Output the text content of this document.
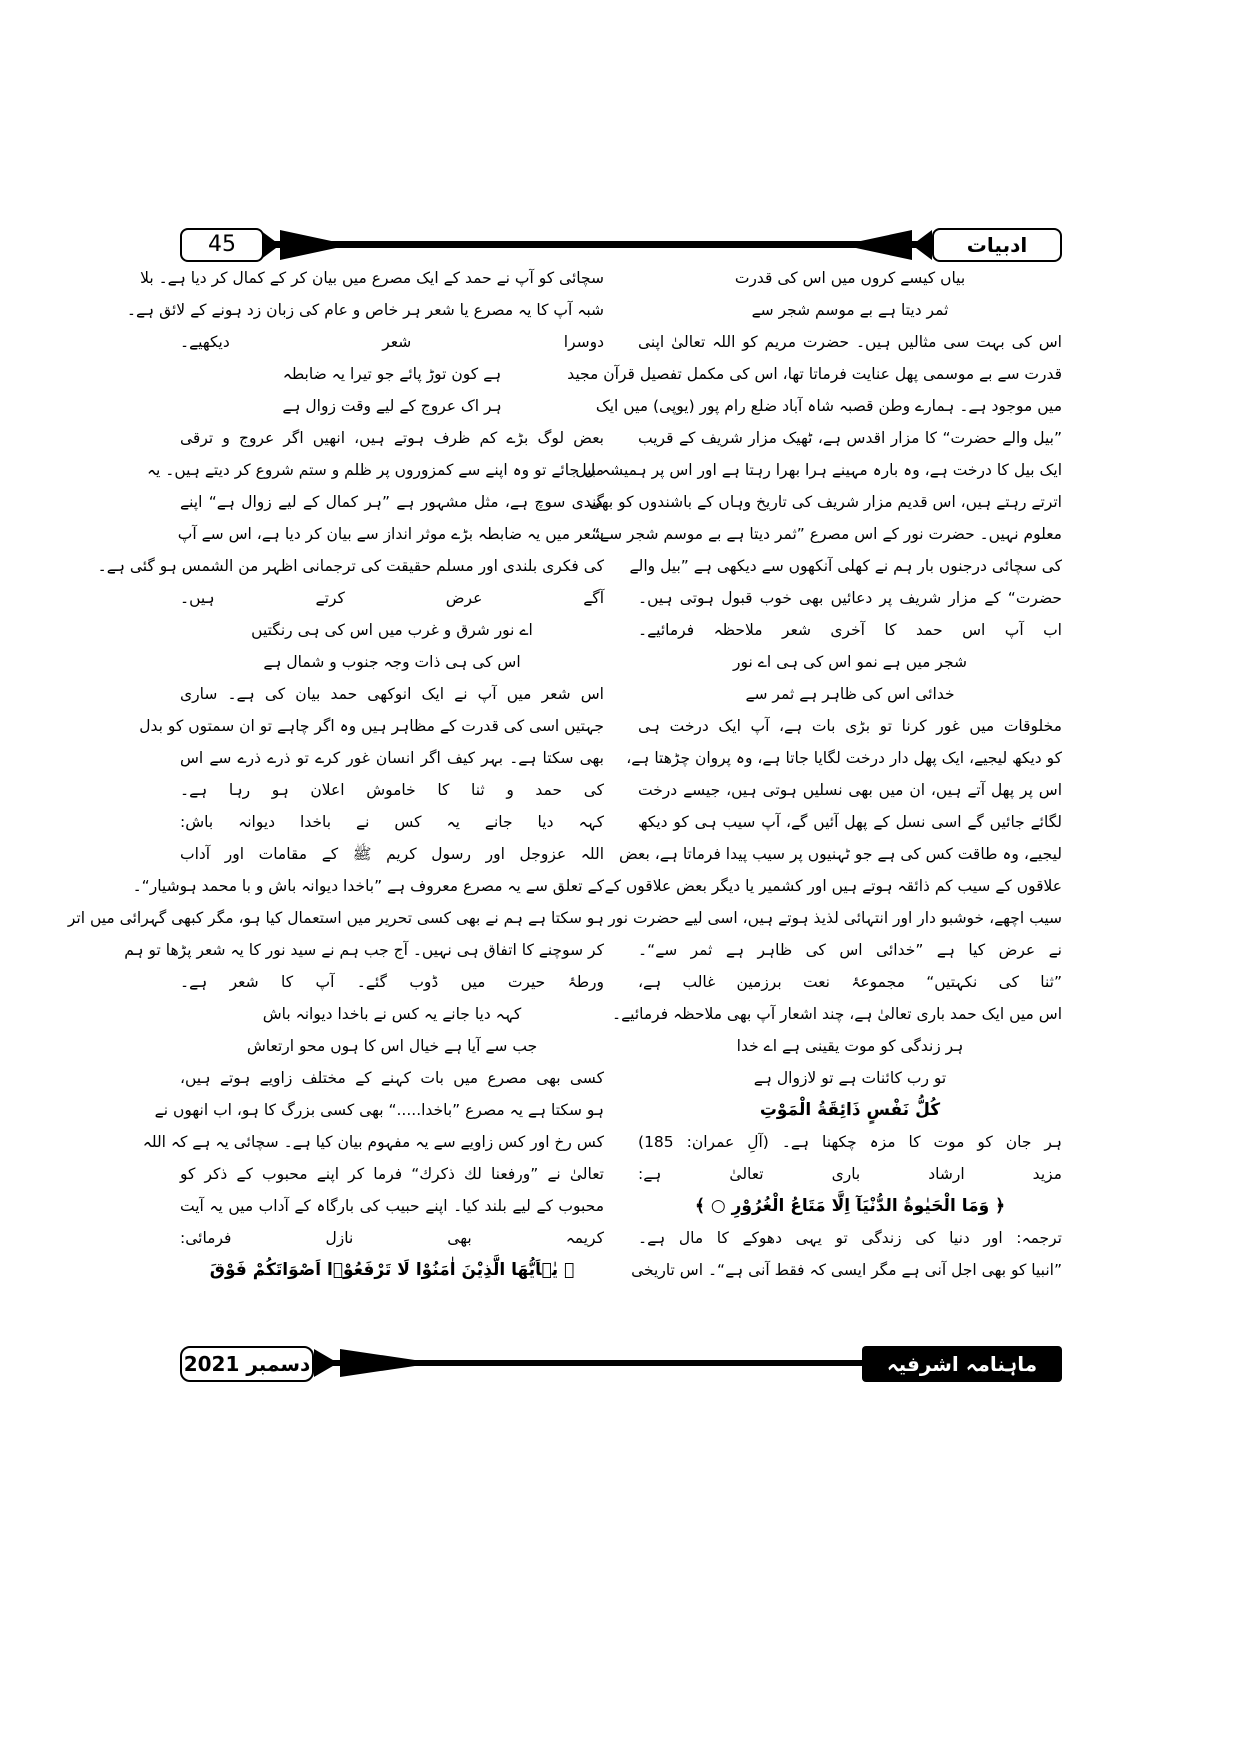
45	ادبیات
بیاں کیسے کروں میں اس کی قدرت
ثمر دیتا ہے بے موسم شجر سے
اس کی بہت سی مثالیں ہیں۔ حضرت مریم کو اللہ تعالیٰ اپنی
قدرت سے بے موسمی پھل عنایت فرماتا تھا، اس کی مکمل تفصیل قرآن مجید
میں موجود ہے۔ ہمارے وطن قصبہ شاہ آباد ضلع رام پور (یوپی) میں ایک
”بیل والے حضرت“ کا مزار اقدس ہے، ٹھیک مزار شریف کے قریب
ایک بیل کا درخت ہے، وہ بارہ مہینے ہرا بھرا رہتا ہے اور اس پر ہمیشہ بیل
اترتے رہتے ہیں، اس قدیم مزار شریف کی تاریخ وہاں کے باشندوں کو بھی
معلوم نہیں۔ حضرت نور کے اس مصرع ”ثمر دیتا ہے بے موسم شجر سے“
کی سچائی درجنوں بار ہم نے کھلی آنکھوں سے دیکھی ہے ”بیل والے
حضرت“ کے مزار شریف پر دعائیں بھی خوب قبول ہوتی ہیں۔
اب آپ اس حمد کا آخری شعر ملاحظہ فرمائیے۔
شجر میں ہے نمو اس کی ہی اے نور
خدائی اس کی ظاہر ہے ثمر سے
مخلوقات میں غور کرنا تو بڑی بات ہے، آپ ایک درخت ہی
کو دیکھ لیجیے، ایک پھل دار درخت لگایا جاتا ہے، وہ پروان چڑھتا ہے،
اس پر پھل آتے ہیں، ان میں بھی نسلیں ہوتی ہیں، جیسے درخت
لگائے جائیں گے اسی نسل کے پھل آئیں گے، آپ سیب ہی کو دیکھ
لیجیے، وہ طاقت کس کی ہے جو ٹہنیوں پر سیب پیدا فرماتا ہے، بعض
علاقوں کے سیب کم ذائقہ ہوتے ہیں اور کشمیر یا دیگر بعض علاقوں کے
سیب اچھے، خوشبو دار اور انتہائی لذیذ ہوتے ہیں، اسی لیے حضرت نور
نے عرض کیا ہے ”خدائی اس کی ظاہر ہے ثمر سے“۔
”ثنا کی نکہتیں“ مجموعۂ نعت برزمین غالب ہے،
اس میں ایک حمد باری تعالیٰ ہے، چند اشعار آپ بھی ملاحظہ فرمائیے۔
ہر زندگی کو موت یقینی ہے اے خدا
تو رب کائنات ہے تو لازوال ہے
كُلُّ نَفْسٍ ذَائِقَةُ الْمَوْتِ
ہر جان کو موت کا مزہ چکھنا ہے۔ (آلِ عمران: 185)
مزید ارشاد باری تعالیٰ ہے:
﴿ وَمَا الْحَيٰوةُ الدُّنْيَآ اِلَّا مَتَاعُ الْغُرُوْرِ ○ ﴾
ترجمہ: اور دنیا کی زندگی تو یہی دھوکے کا مال ہے۔
”انبیا کو بھی اجل آنی ہے مگر ایسی کہ فقط آنی ہے“۔ اس تاریخی
سچائی کو آپ نے حمد کے ایک مصرع میں بیان کر کے کمال کر دیا ہے۔ بلا
شبہ آپ کا یہ مصرع یا شعر ہر خاص و عام کی زبان زد ہونے کے لائق ہے۔
دوسرا شعر دیکھیے۔
ہے کون توڑ پائے جو تیرا یہ ضابطہ
ہر اک عروج کے لیے وقت زوال ہے
بعض لوگ بڑے کم ظرف ہوتے ہیں، انھیں اگر عروج و ترقی
مل جائے تو وہ اپنے سے کمزوروں پر ظلم و ستم شروع کر دیتے ہیں۔ یہ
گندی سوچ ہے، مثل مشہور ہے ”ہر کمال کے لیے زوال ہے“ اپنے
شعر میں یہ ضابطہ بڑے موثر انداز سے بیان کر دیا ہے، اس سے آپ
کی فکری بلندی اور مسلم حقیقت کی ترجمانی اظہر من الشمس ہو گئی ہے۔
آگے عرض کرتے ہیں۔
اے نور شرق و غرب میں اس کی ہی رنگتیں
اس کی ہی ذات وجہ جنوب و شمال ہے
اس شعر میں آپ نے ایک انوکھی حمد بیان کی ہے۔ ساری
جہتیں اسی کی قدرت کے مظاہر ہیں وہ اگر چاہے تو ان سمتوں کو بدل
بھی سکتا ہے۔ بہر کیف اگر انسان غور کرے تو ذرے ذرے سے اس
کی حمد و ثنا کا خاموش اعلان ہو رہا ہے۔
کہہ دیا جانے یہ کس نے باخدا دیوانہ باش:
اللہ عزوجل اور رسول کریم ﷺ کے مقامات اور آداب
کے تعلق سے یہ مصرع معروف ہے ”باخدا دیوانہ باش و با محمد ہوشیار“۔
ہو سکتا ہے ہم نے بھی کسی تحریر میں استعمال کیا ہو، مگر کبھی گہرائی میں اتر
کر سوچنے کا اتفاق ہی نہیں۔ آج جب ہم نے سید نور کا یہ شعر پڑھا تو ہم
ورطۂ حیرت میں ڈوب گئے۔ آپ کا شعر ہے۔
کہہ دیا جانے یہ کس نے باخدا دیوانہ باش
جب سے آیا ہے خیال اس کا ہوں محو ارتعاش
کسی بھی مصرع میں بات کہنے کے مختلف زاویے ہوتے ہیں،
ہو سکتا ہے یہ مصرع ”باخدا.....“ بھی کسی بزرگ کا ہو، اب انھوں نے
کس رخ اور کس زاویے سے یہ مفہوم بیان کیا ہے۔ سچائی یہ ہے کہ اللہ
تعالیٰ نے ”ورفعنا لك ذكرك“ فرما کر اپنے محبوب کے ذکر کو
محبوب کے لیے بلند کیا۔ اپنے حبیب کی بارگاہ کے آداب میں یہ آیت
کریمہ بھی نازل فرمائی:
﴿ يٰۤاَيُّهَا الَّذِيْنَ اٰمَنُوْا لَا تَرْفَعُوْۤا اَصْوَاتَكُمْ فَوْقَ
دسمبر 2021	ماہنامہ اشرفیہ
